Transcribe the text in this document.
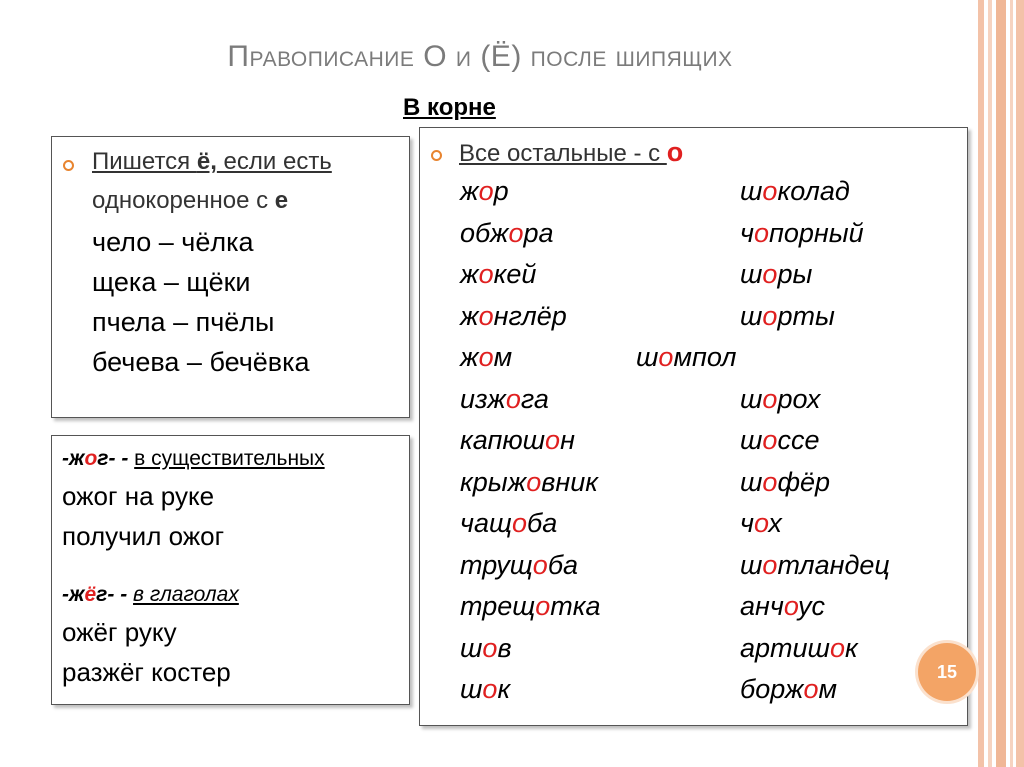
Правописание О и (Ё) после шипящих
В корне
Пишется ё, если есть
однокоренное с е
чело – чёлка
щека – щёки
пчела – пчёлы
бечева – бечёвка
-жог- - в существительных
ожог на руке
получил ожог
-жёг- - в глаголах
ожёг руку
разжёг костер
Все остальные - с о
жор
обжора
жокей
жонглёр
жом
изжога
капюшон
крыжовник
чащоба
трущоба
трещотка
шов
шок
шоколад
чопорный
шоры
шорты
шомпол
шорох
шоссе
шофёр
чох
шотландец
анчоус
артишок
боржом
15
